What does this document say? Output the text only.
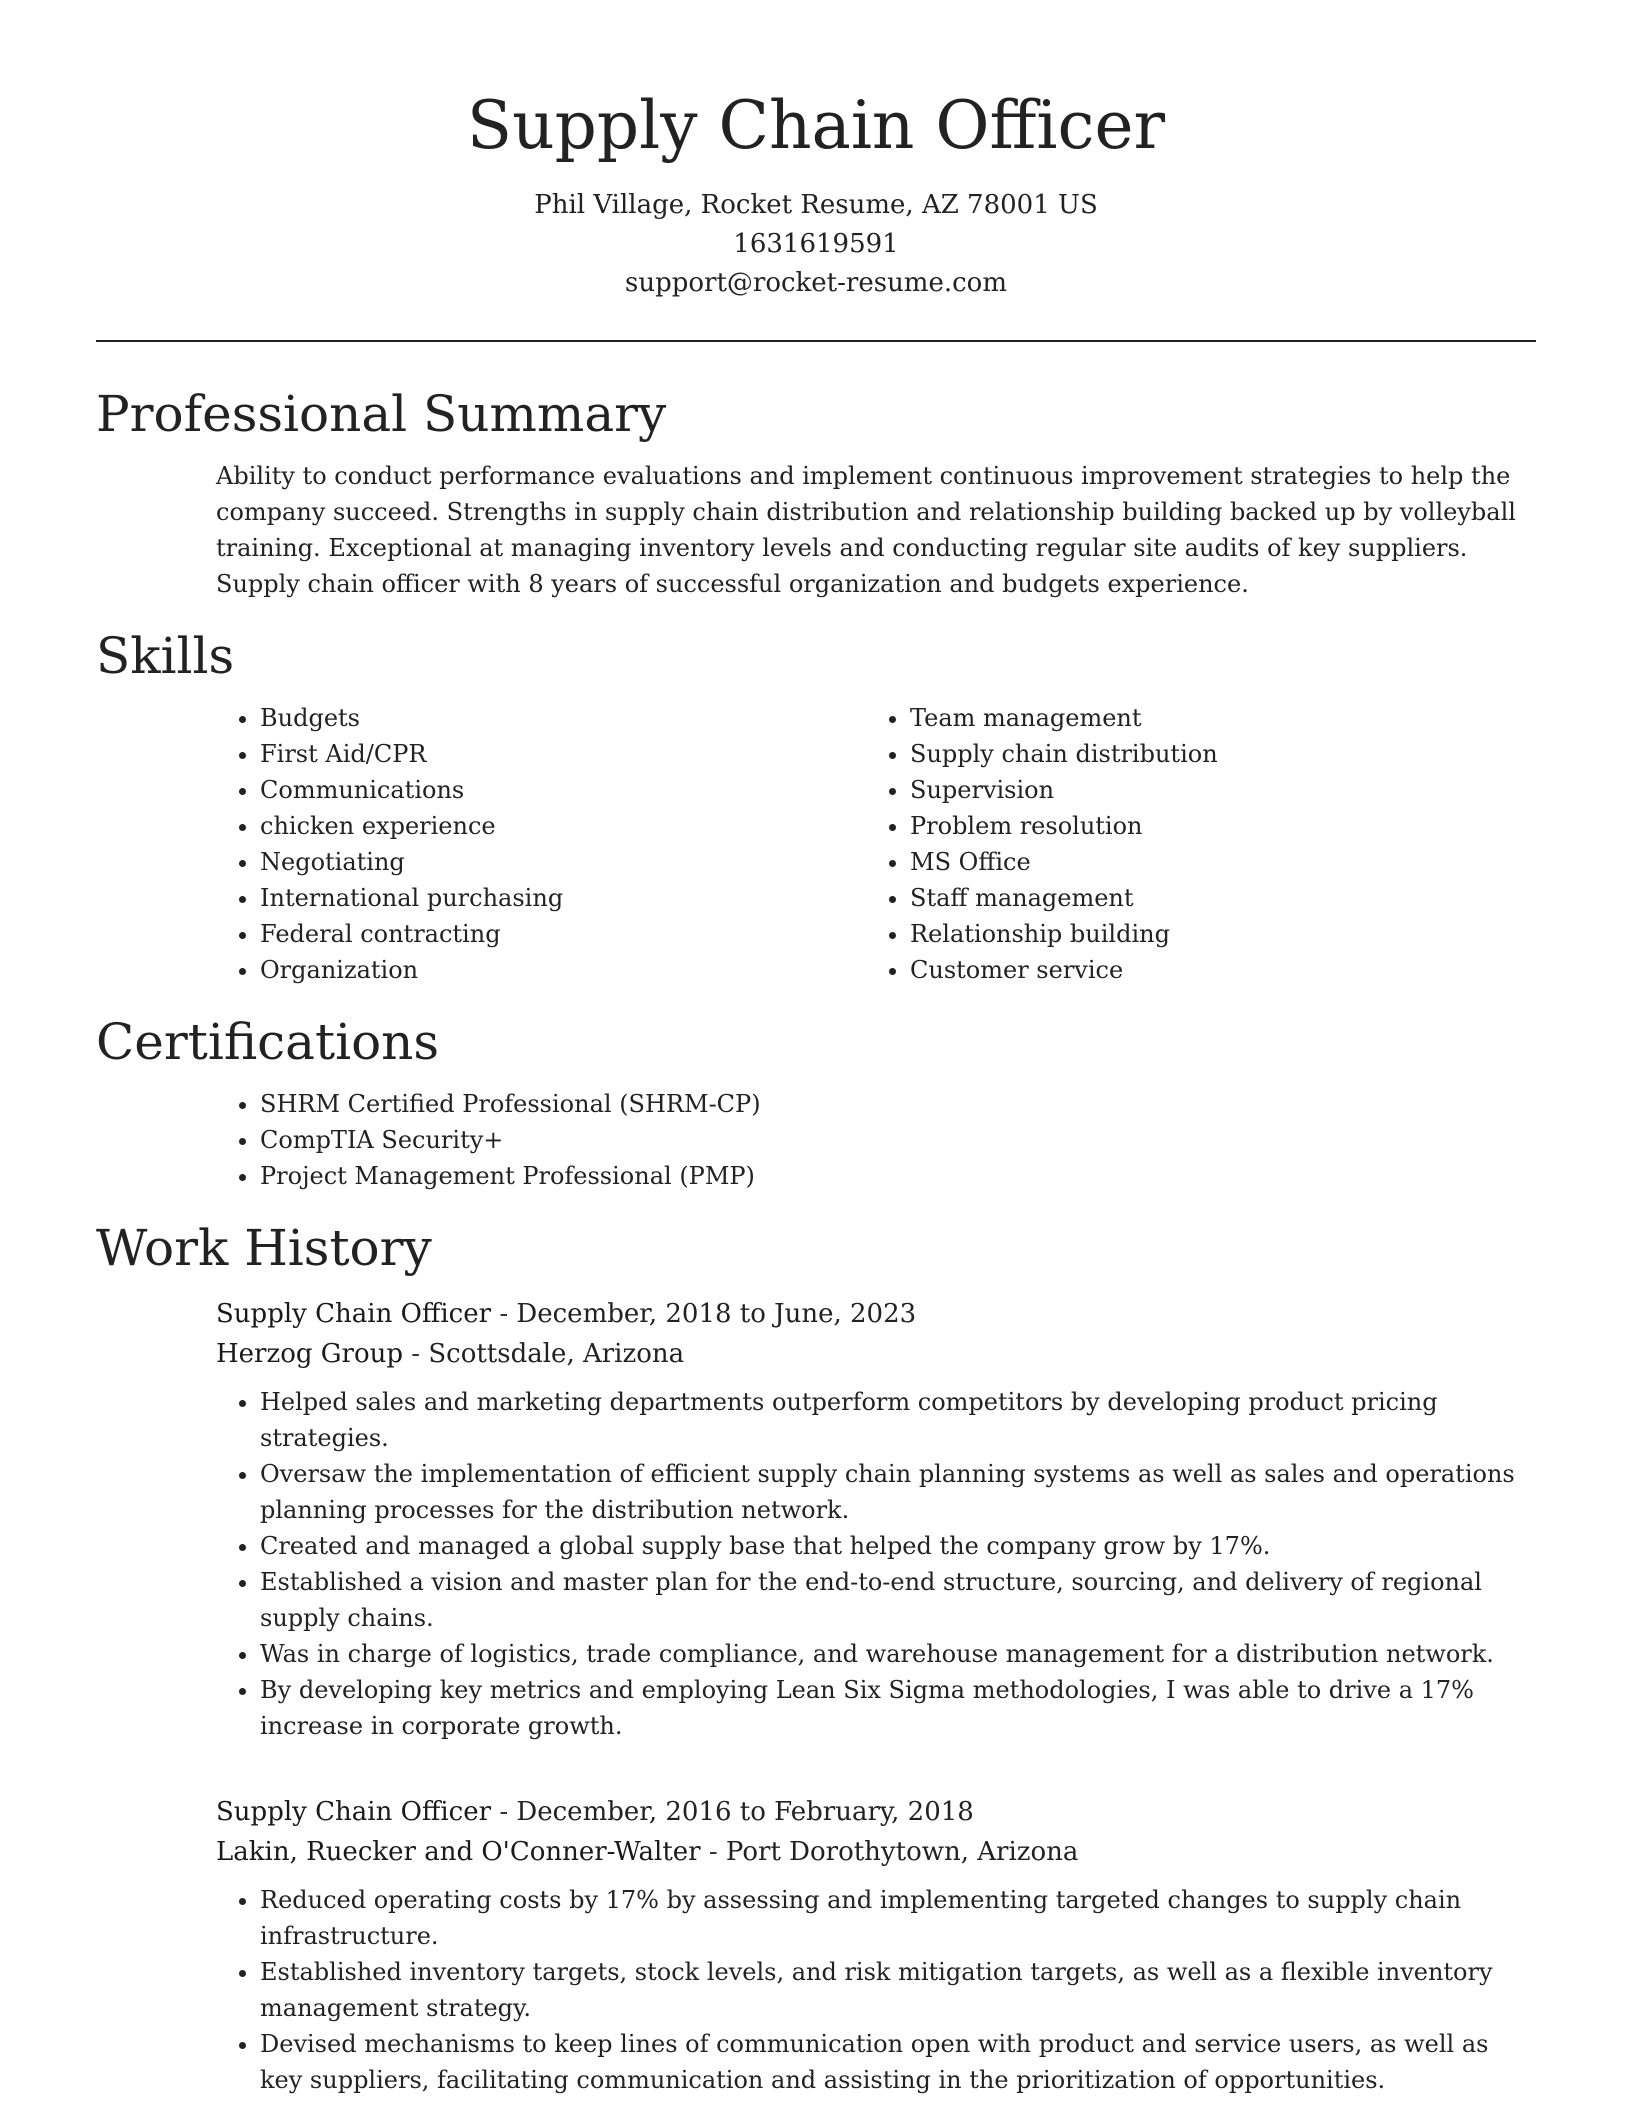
Supply Chain Officer

Phil Village, Rocket Resume, AZ 78001 US

1631619591

support@rocket-resume.com

Professional Summary

Ability to conduct performance evaluations and implement continuous improvement strategies to help the company succeed. Strengths in supply chain distribution and relationship building backed up by volleyball training. Exceptional at managing inventory levels and conducting regular site audits of key suppliers. Supply chain officer with 8 years of successful organization and budgets experience.

Skills
• Budgets
• First Aid/CPR
• Communications
• chicken experience
• Negotiating
• International purchasing
• Federal contracting
• Organization
• Team management
• Supply chain distribution
• Supervision
• Problem resolution
• MS Office
• Staff management
• Relationship building
• Customer service
Certifications
• SHRM Certified Professional (SHRM-CP)
• CompTIA Security+
• Project Management Professional (PMP)
Work History

Supply Chain Officer - December, 2018 to June, 2023

Herzog Group - Scottsdale, Arizona

• Helped sales and marketing departments outperform competitors by developing product pricing strategies.
• Oversaw the implementation of efficient supply chain planning systems as well as sales and operations planning processes for the distribution network.
• Created and managed a global supply base that helped the company grow by 17%.
• Established a vision and master plan for the end-to-end structure, sourcing, and delivery of regional supply chains.
• Was in charge of logistics, trade compliance, and warehouse management for a distribution network.
• By developing key metrics and employing Lean Six Sigma methodologies, I was able to drive a 17% increase in corporate growth.

Supply Chain Officer - December, 2016 to February, 2018

Lakin, Ruecker and O'Conner-Walter - Port Dorothytown, Arizona

• Reduced operating costs by 17% by assessing and implementing targeted changes to supply chain infrastructure.
• Established inventory targets, stock levels, and risk mitigation targets, as well as a flexible inventory management strategy.
• Devised mechanisms to keep lines of communication open with product and service users, as well as key suppliers, facilitating communication and assisting in the prioritization of opportunities.
